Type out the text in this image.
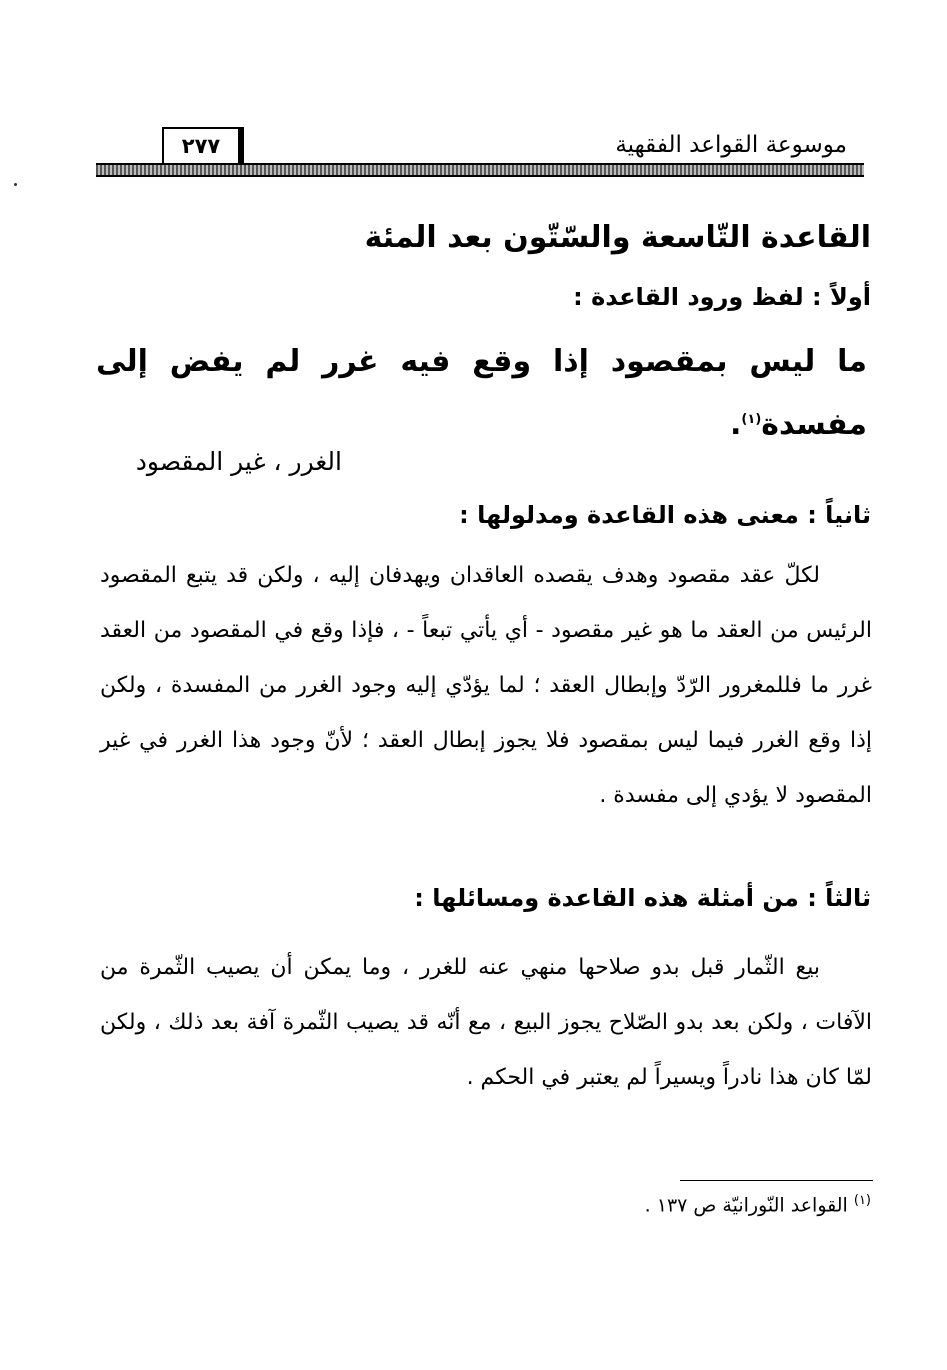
موسوعة القواعد الفقهية
٢٧٧
القاعدة التّاسعة والسّتّون بعد المئة
أولاً : لفظ ورود القاعدة :
ما ليس بمقصود إذا وقع فيه غرر لم يفض إلى مفسدة$^{(١)}$.
الغرر ، غير المقصود
ثانياً : معنى هذه القاعدة ومدلولها :
لكلّ عقد مقصود وهدف يقصده العاقدان ويهدفان إليه ، ولكن قد يتبع المقصود الرئيس من العقد ما هو غير مقصود - أي يأتي تبعاً - ، فإذا وقع في المقصود من العقد غرر ما فللمغرور الرّدّ وإبطال العقد ؛ لما يؤدّي إليه وجود الغرر من المفسدة ، ولكن إذا وقع الغرر فيما ليس بمقصود فلا يجوز إبطال العقد ؛ لأنّ وجود هذا الغرر في غير المقصود لا يؤدي إلى مفسدة .
ثالثاً : من أمثلة هذه القاعدة ومسائلها :
بيع الثّمار قبل بدو صلاحها منهي عنه للغرر ، وما يمكن أن يصيب الثّمرة من الآفات ، ولكن بعد بدو الصّلاح يجوز البيع ، مع أنّه قد يصيب الثّمرة آفة بعد ذلك ، ولكن لمّا كان هذا نادراً ويسيراً لم يعتبر في الحكم .
$^{(١)}$ القواعد النّورانيّة ص ١٣٧ .
